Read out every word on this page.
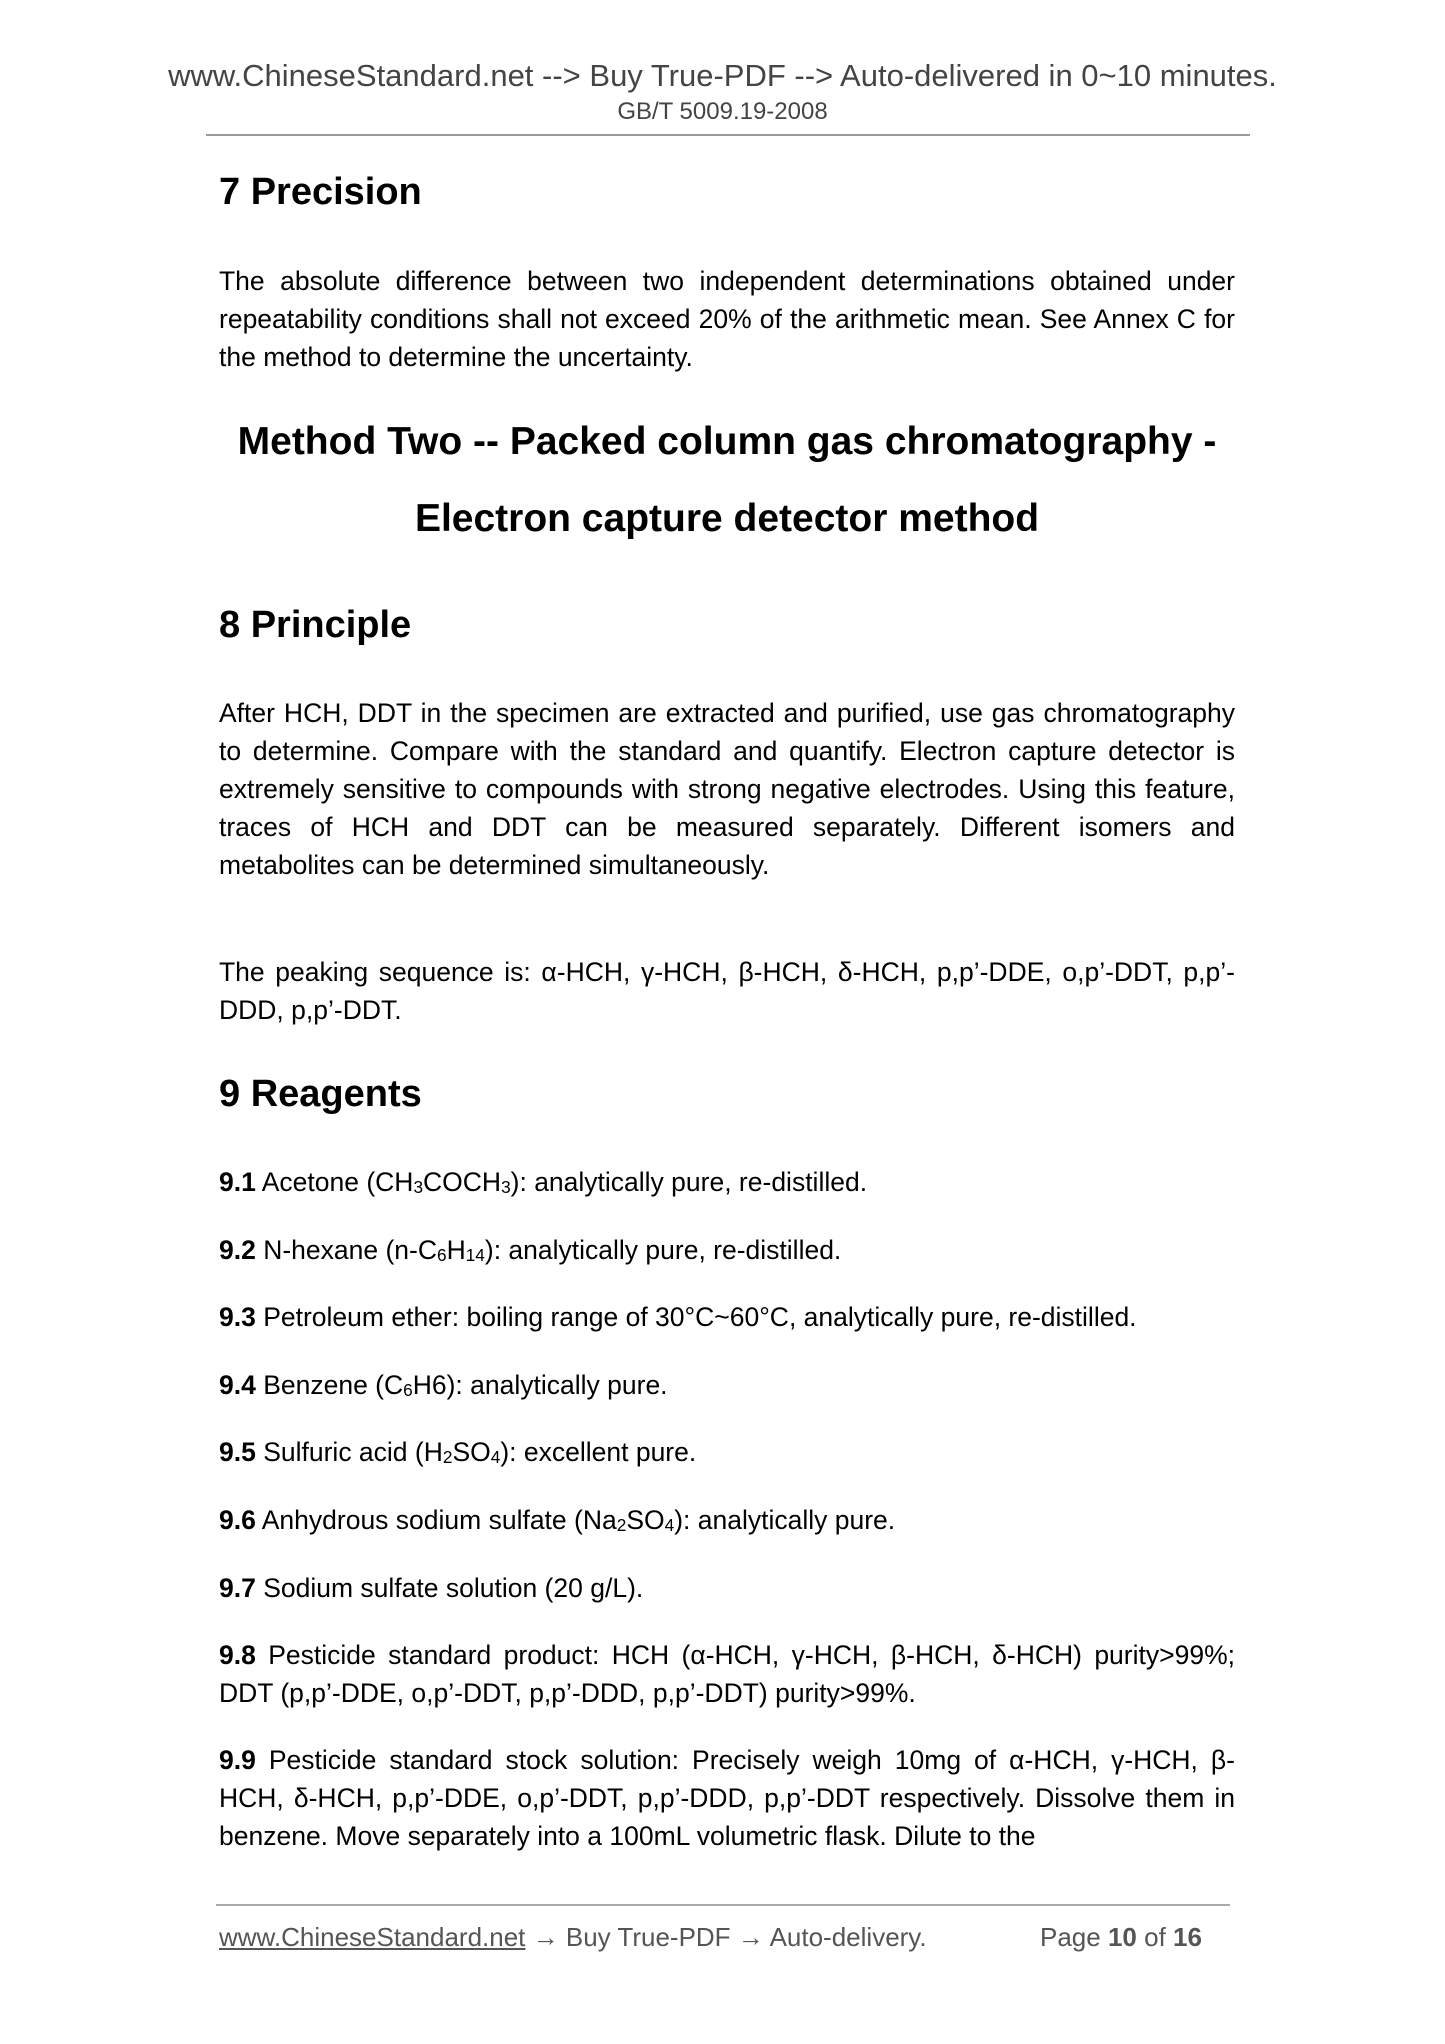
www.ChineseStandard.net --> Buy True-PDF --> Auto-delivered in 0~10 minutes.
GB/T 5009.19-2008
7 Precision
The absolute difference between two independent determinations obtained under repeatability conditions shall not exceed 20% of the arithmetic mean. See Annex C for the method to determine the uncertainty.
Method Two -- Packed column gas chromatography -
Electron capture detector method
8 Principle
After HCH, DDT in the specimen are extracted and purified, use gas chromatography to determine. Compare with the standard and quantify. Electron capture detector is extremely sensitive to compounds with strong negative electrodes. Using this feature, traces of HCH and DDT can be measured separately. Different isomers and metabolites can be determined simultaneously.
The peaking sequence is: α-HCH, γ-HCH, β-HCH, δ-HCH, p,p’-DDE, o,p’-DDT, p,p’-DDD, p,p’-DDT.
9 Reagents
9.1 Acetone $(CH_3COCH_3)$: analytically pure, re-distilled.
9.2 N-hexane $(n-C_6H_{14})$: analytically pure, re-distilled.
9.3 Petroleum ether: boiling range of 30°C~60°C, analytically pure, re-distilled.
9.4 Benzene $(C_6H6)$: analytically pure.
9.5 Sulfuric acid $(H_2SO_4)$: excellent pure.
9.6 Anhydrous sodium sulfate $(Na_2SO_4)$: analytically pure.
9.7 Sodium sulfate solution (20 g/L).
9.8 Pesticide standard product: HCH (α-HCH, γ-HCH, β-HCH, δ-HCH) purity>99%; DDT (p,p’-DDE, o,p’-DDT, p,p’-DDD, p,p’-DDT) purity>99%.
9.9 Pesticide standard stock solution: Precisely weigh 10mg of α-HCH, γ-HCH, β-HCH, δ-HCH, p,p’-DDE, o,p’-DDT, p,p’-DDD, p,p’-DDT respectively. Dissolve them in benzene. Move separately into a 100mL volumetric flask. Dilute to the
www.ChineseStandard.net → Buy True-PDF → Auto-delivery.	Page 10 of 16
